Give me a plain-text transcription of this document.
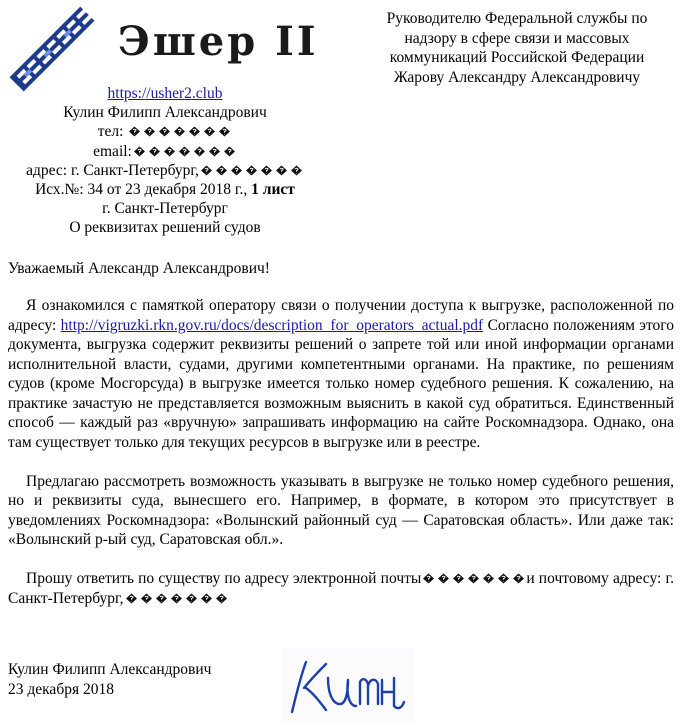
Эшер II	Руководителю Федеральной службы по
надзору в сфере связи и массовых
коммуникаций Российской Федерации
Жарову Александру Александровичу
https://usher2.club
Кулин Филипп Александрович
тел:
email:
адрес: г. Санкт-Петербург,
Исх.№: 34 от 23 декабря 2018 г., 1 лист
г. Санкт-Петербург
О реквизитах решений судов
Уважаемый Александр Александрович!

Я ознакомился с памяткой оператору связи о получении доступа к выгрузке, расположенной по адресу: http://vigruzki.rkn.gov.ru/docs/description_for_operators_actual.pdf Согласно положениям этого документа, выгрузка содержит реквизиты решений о запрете той или иной информации органами исполнительной власти, судами, другими компетентными органами. На практике, по решениям судов (кроме Мосгорсуда) в выгрузке имеется только номер судебного решения. К сожалению, на практике зачастую не представляется возможным выяснить в какой суд обратиться. Единственный способ — каждый раз «вручную» запрашивать информацию на сайте Роскомнадзора. Однако, она там существует только для текущих ресурсов в выгрузке или в реестре.

Предлагаю рассмотреть возможность указывать в выгрузке не только номер судебного решения, но и реквизиты суда, вынесшего его. Например, в формате, в котором это присутствует в уведомлениях Роскомнадзора: «Волынский районный суд — Саратовская область». Или даже так: «Волынский р-ый суд, Саратовская обл.».

Прошу ответить по существу по адресу электронной почты	и почтовому адресу: г. Санкт-Петербург,

Кулин Филипп Александрович
23 декабря 2018
